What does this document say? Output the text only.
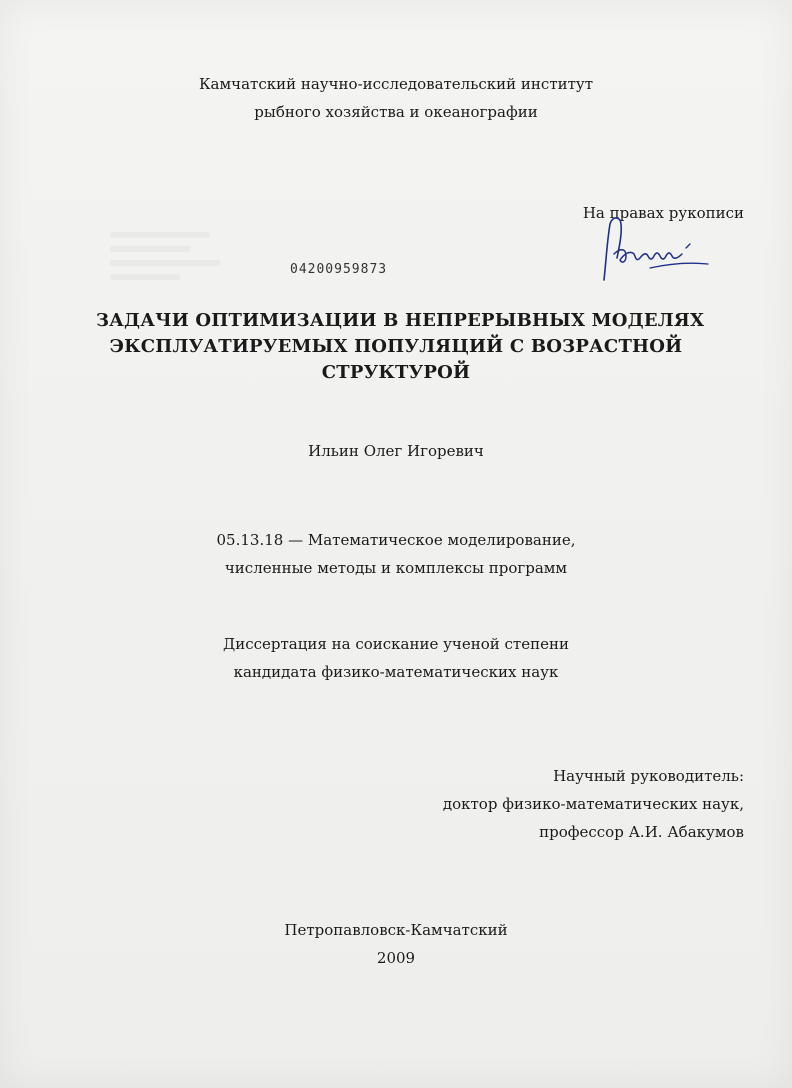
Камчатский научно-исследовательский институт
рыбного хозяйства и океанографии
На правах рукописи
04200959873
ЗАДАЧИ ОПТИМИЗАЦИИ В НЕПРЕРЫВНЫХ МОДЕЛЯХ
ЭКСПЛУАТИРУЕМЫХ ПОПУЛЯЦИЙ С ВОЗРАСТНОЙ
СТРУКТУРОЙ
Ильин Олег Игоревич
05.13.18 — Математическое моделирование,
численные методы и комплексы программ
Диссертация на соискание ученой степени
кандидата физико-математических наук
Научный руководитель:
доктор физико-математических наук,
профессор А.И. Абакумов
Петропавловск-Камчатский
2009
